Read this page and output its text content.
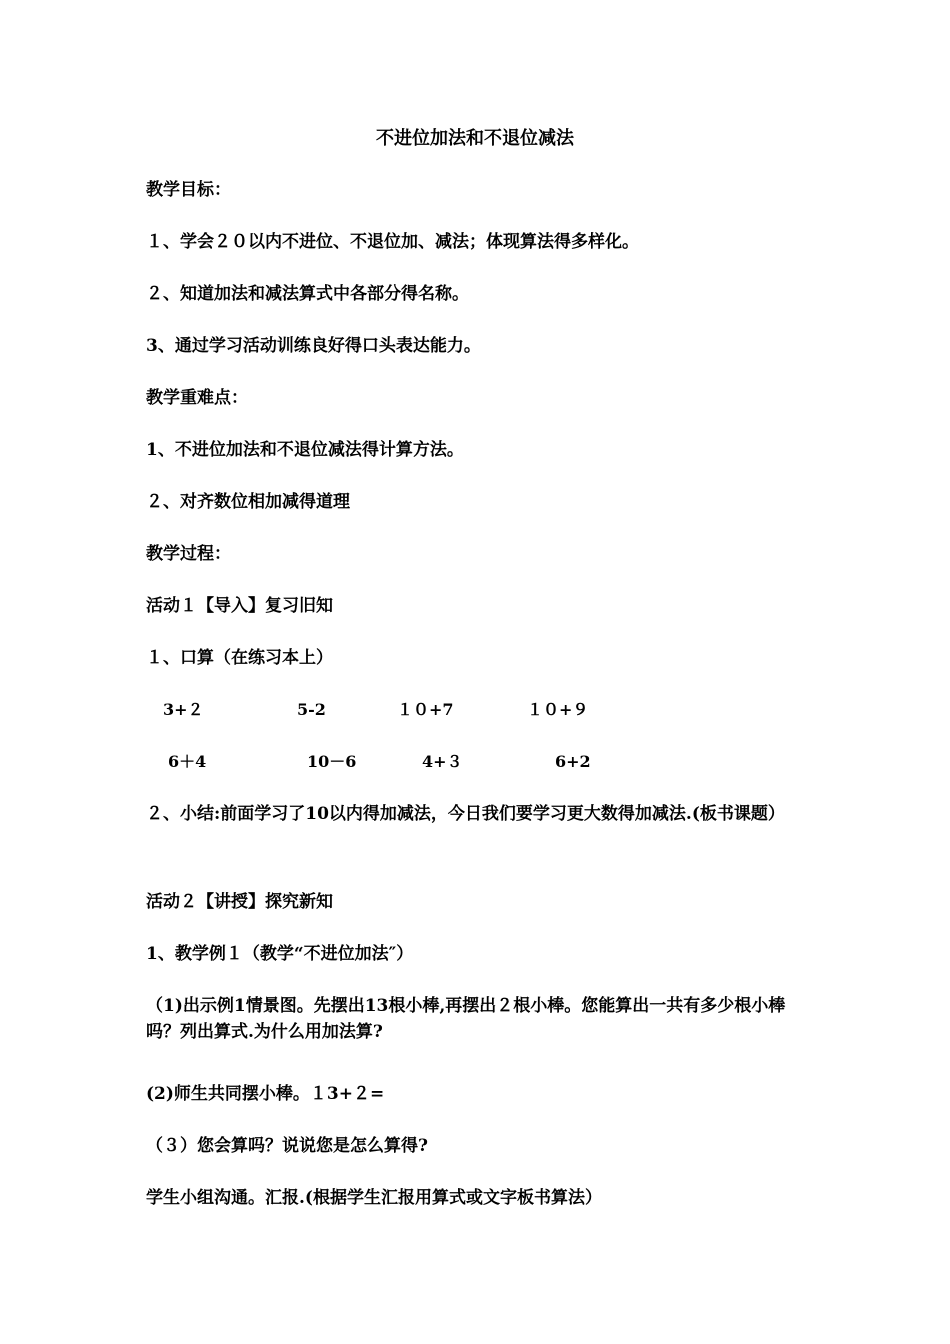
不进位加法和不退位减法

教学目标：

１、学会２０以内不进位、不退位加、减法；体现算法得多样化。

２、知道加法和减法算式中各部分得名称。

3、通过学习活动训练良好得口头表达能力。

教学重难点：

1、不进位加法和不退位减法得计算方法。

２、对齐数位相加减得道理

教学过程：

活动１【导入】复习旧知

１、口算（在练习本上）

3+２	5-2	１０+7	１０+９
6＋4	10－6	4+３	6+2

２、小结:前面学习了10以内得加减法，今日我们要学习更大数得加减法.(板书课题）

活动２【讲授】探究新知

1、教学例１（教学“不进位加法″）

（1)出示例1情景图。先摆出13根小棒,再摆出２根小棒。您能算出一共有多少根小棒吗？列出算式.为什么用加法算?

(2)师生共同摆小棒。１3+２=

（３）您会算吗？说说您是怎么算得?

学生小组沟通。汇报.(根据学生汇报用算式或文字板书算法）
